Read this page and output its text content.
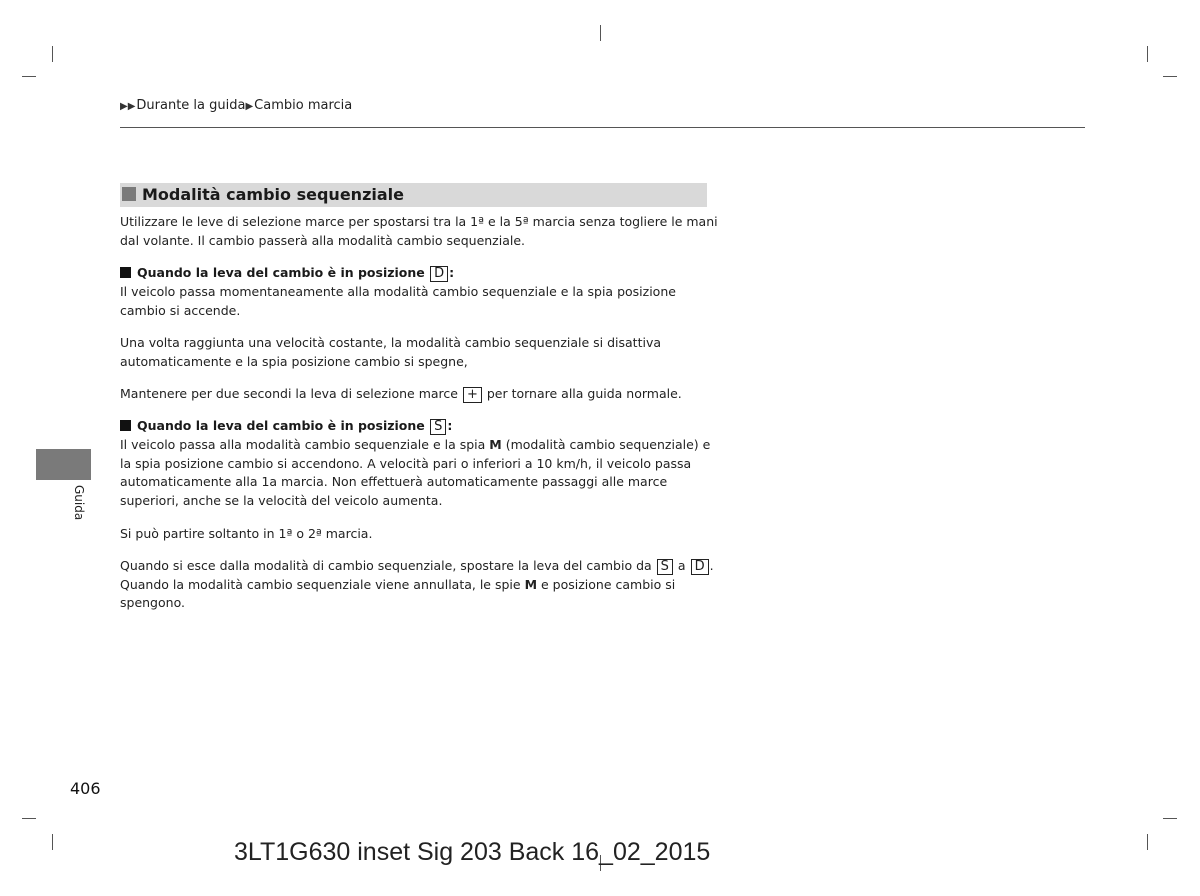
▶▶Durante la guida▶Cambio marcia
Modalità cambio sequenziale
Utilizzare le leve di selezione marce per spostarsi tra la 1ª e la 5ª marcia senza togliere le mani dal volante. Il cambio passerà alla modalità cambio sequenziale.
Quando la leva del cambio è in posizione D :
Il veicolo passa momentaneamente alla modalità cambio sequenziale e la spia posizione cambio si accende.
Una volta raggiunta una velocità costante, la modalità cambio sequenziale si disattiva automaticamente e la spia posizione cambio si spegne,
Mantenere per due secondi la leva di selezione marce + per tornare alla guida normale.
Quando la leva del cambio è in posizione S :
Il veicolo passa alla modalità cambio sequenziale e la spia M (modalità cambio sequenziale) e la spia posizione cambio si accendono. A velocità pari o inferiori a 10 km/h, il veicolo passa automaticamente alla 1a marcia. Non effettuerà automaticamente passaggi alle marce superiori, anche se la velocità del veicolo aumenta.
Si può partire soltanto in 1ª o 2ª marcia.
Quando si esce dalla modalità di cambio sequenziale, spostare la leva del cambio da S a D . Quando la modalità cambio sequenziale viene annullata, le spie M e posizione cambio si spengono.
Guida
406
3LT1G630 inset Sig 203 Back 16_02_2015
